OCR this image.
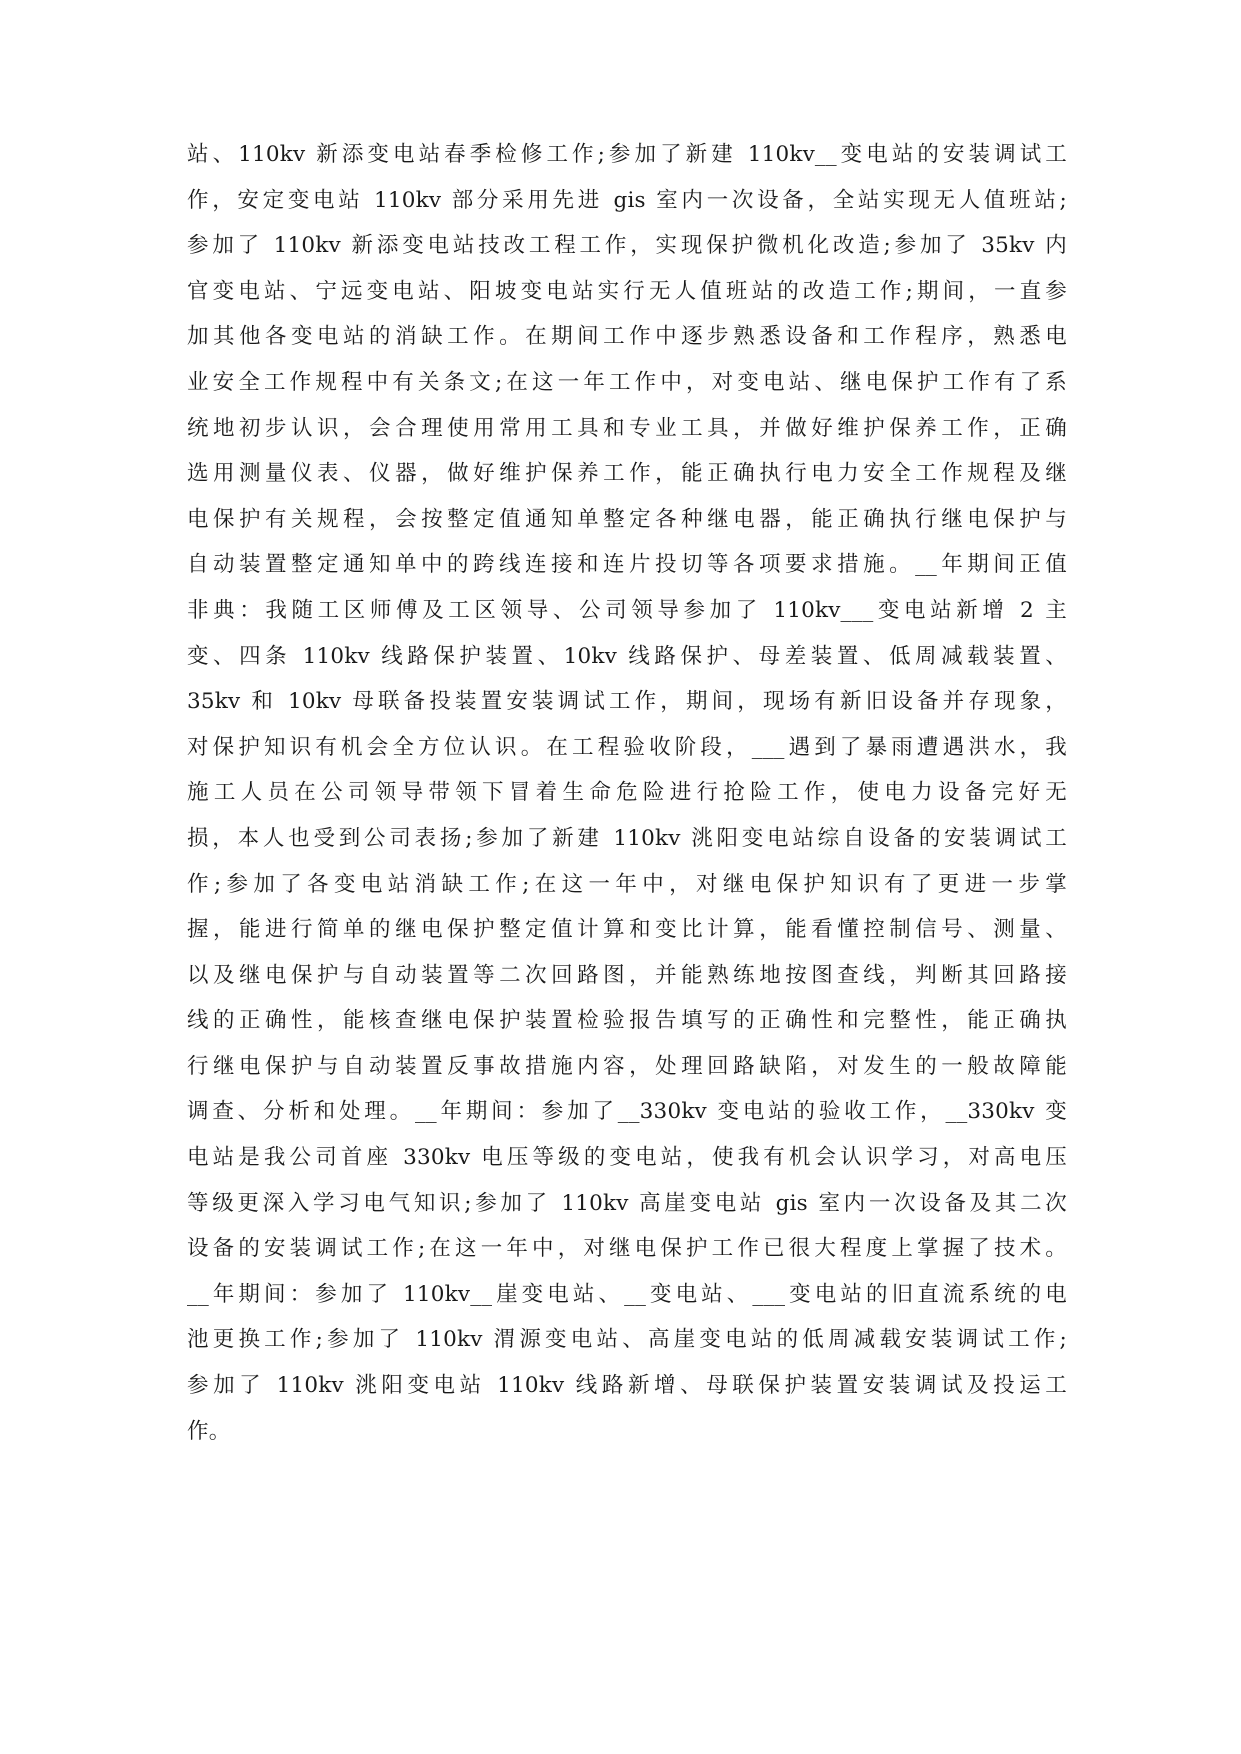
站、110kv 新添变电站春季检修工作;参加了新建 110kv__变电站的安装调试工
作，安定变电站 110kv 部分采用先进 gis 室内一次设备，全站实现无人值班站;
参加了 110kv 新添变电站技改工程工作，实现保护微机化改造;参加了 35kv 内
官变电站、宁远变电站、阳坡变电站实行无人值班站的改造工作;期间，一直参
加其他各变电站的消缺工作。在期间工作中逐步熟悉设备和工作程序，熟悉电
业安全工作规程中有关条文;在这一年工作中，对变电站、继电保护工作有了系
统地初步认识，会合理使用常用工具和专业工具，并做好维护保养工作，正确
选用测量仪表、仪器，做好维护保养工作，能正确执行电力安全工作规程及继
电保护有关规程，会按整定值通知单整定各种继电器，能正确执行继电保护与
自动装置整定通知单中的跨线连接和连片投切等各项要求措施。__年期间正值
非典：我随工区师傅及工区领导、公司领导参加了 110kv___变电站新增 2 主
变、四条 110kv 线路保护装置、10kv 线路保护、母差装置、低周减载装置、
35kv 和 10kv 母联备投装置安装调试工作，期间，现场有新旧设备并存现象，
对保护知识有机会全方位认识。在工程验收阶段，___遇到了暴雨遭遇洪水，我
施工人员在公司领导带领下冒着生命危险进行抢险工作，使电力设备完好无
损，本人也受到公司表扬;参加了新建 110kv 洮阳变电站综自设备的安装调试工
作;参加了各变电站消缺工作;在这一年中，对继电保护知识有了更进一步掌
握，能进行简单的继电保护整定值计算和变比计算，能看懂控制信号、测量、
以及继电保护与自动装置等二次回路图，并能熟练地按图查线，判断其回路接
线的正确性，能核查继电保护装置检验报告填写的正确性和完整性，能正确执
行继电保护与自动装置反事故措施内容，处理回路缺陷，对发生的一般故障能
调查、分析和处理。__年期间：参加了__330kv 变电站的验收工作，__330kv 变
电站是我公司首座 330kv 电压等级的变电站，使我有机会认识学习，对高电压
等级更深入学习电气知识;参加了 110kv 高崖变电站 gis 室内一次设备及其二次
设备的安装调试工作;在这一年中，对继电保护工作已很大程度上掌握了技术。
__年期间：参加了 110kv__崖变电站、__变电站、___变电站的旧直流系统的电
池更换工作;参加了 110kv 渭源变电站、高崖变电站的低周减载安装调试工作;
参加了 110kv 洮阳变电站 110kv 线路新增、母联保护装置安装调试及投运工
作。
